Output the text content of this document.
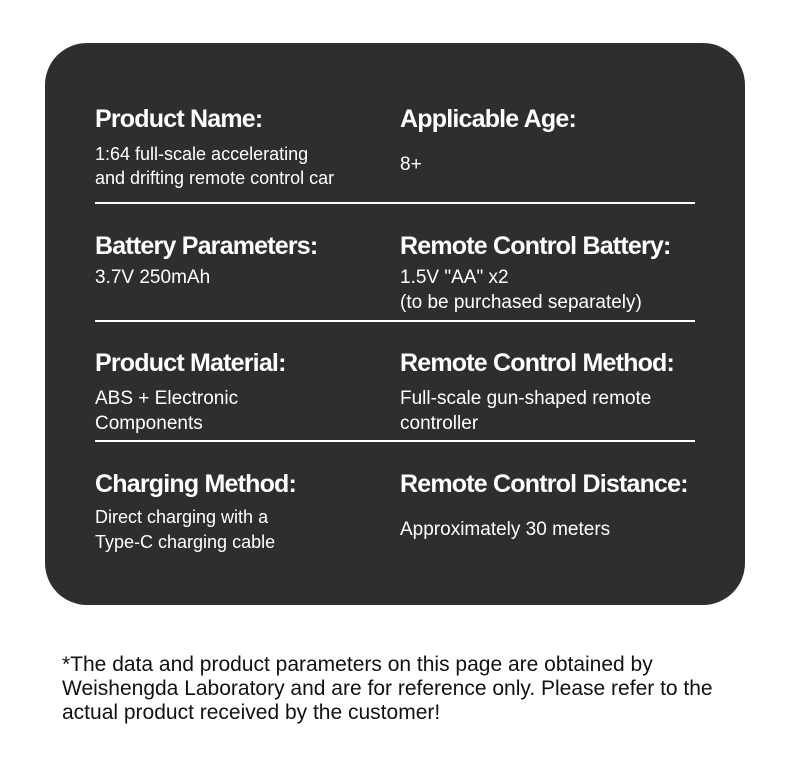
Product Name:
1:64 full-scale accelerating
and drifting remote control car
Applicable Age:
8+
Battery Parameters:
3.7V 250mAh
Remote Control Battery:
1.5V "AA" x2
(to be purchased separately)
Product Material:
ABS + Electronic
Components
Remote Control Method:
Full-scale gun-shaped remote
controller
Charging Method:
Direct charging with a
Type-C charging cable
Remote Control Distance:
Approximately 30 meters
*The data and product parameters on this page are obtained by Weishengda Laboratory and are for reference only. Please refer to the actual product received by the customer!
